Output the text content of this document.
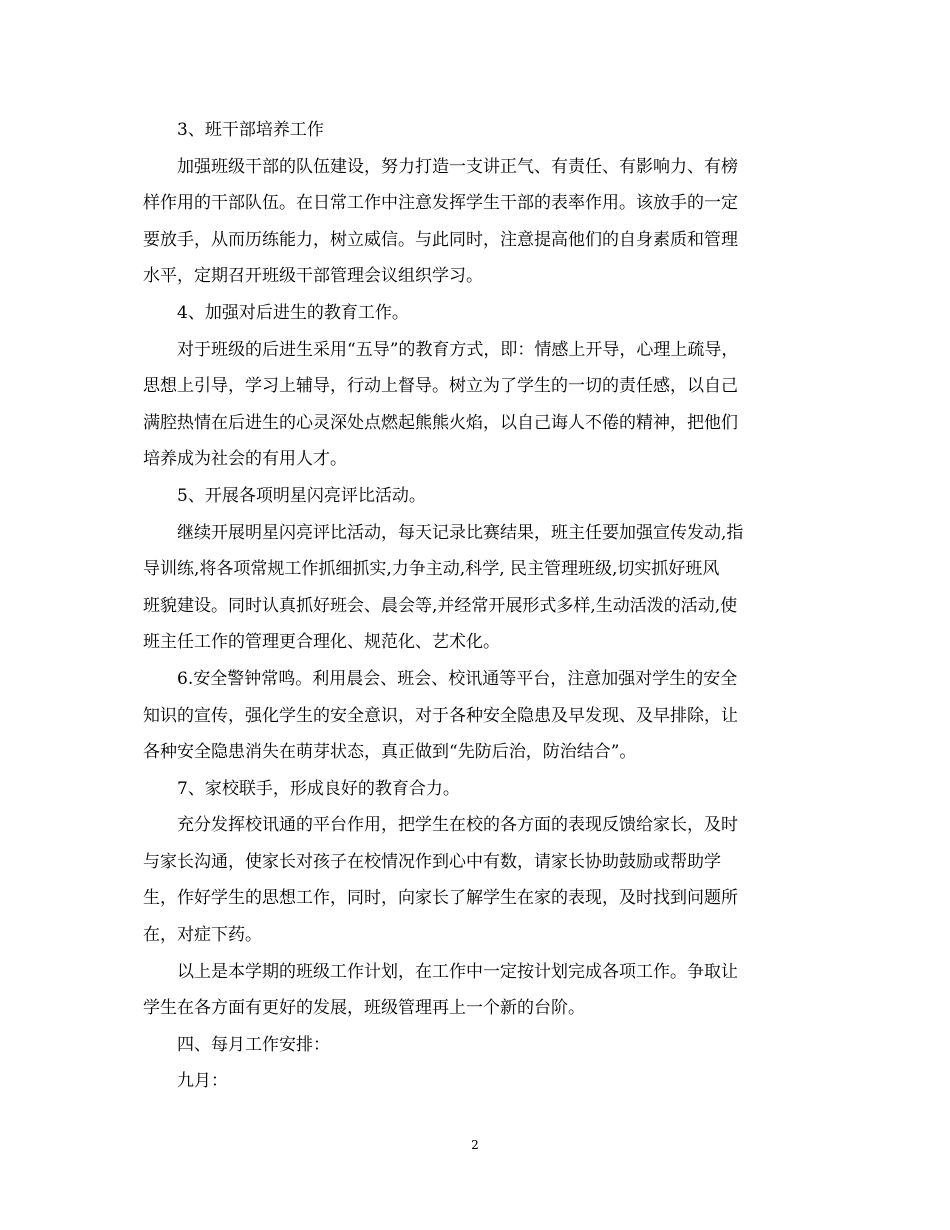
3、班干部培养工作
加强班级干部的队伍建设，努力打造一支讲正气、有责任、有影响力、有榜
样作用的干部队伍。在日常工作中注意发挥学生干部的表率作用。该放手的一定
要放手，从而历练能力，树立威信。与此同时，注意提高他们的自身素质和管理
水平，定期召开班级干部管理会议组织学习。
4、加强对后进生的教育工作。
对于班级的后进生采用“五导”的教育方式，即：情感上开导，心理上疏导，
思想上引导，学习上辅导，行动上督导。树立为了学生的一切的责任感，以自己
满腔热情在后进生的心灵深处点燃起熊熊火焰，以自己诲人不倦的精神，把他们
培养成为社会的有用人才。
5、开展各项明星闪亮评比活动。
继续开展明星闪亮评比活动，每天记录比赛结果，班主任要加强宣传发动,指
导训练,将各项常规工作抓细抓实,力争主动,科学, 民主管理班级,切实抓好班风
班貌建设。同时认真抓好班会、晨会等,并经常开展形式多样,生动活泼的活动,使
班主任工作的管理更合理化、规范化、艺术化。
6.安全警钟常鸣。利用晨会、班会、校讯通等平台，注意加强对学生的安全
知识的宣传，强化学生的安全意识，对于各种安全隐患及早发现、及早排除，让
各种安全隐患消失在萌芽状态，真正做到“先防后治，防治结合”。
7、家校联手，形成良好的教育合力。
充分发挥校讯通的平台作用，把学生在校的各方面的表现反馈给家长，及时
与家长沟通，使家长对孩子在校情况作到心中有数，请家长协助鼓励或帮助学
生，作好学生的思想工作，同时，向家长了解学生在家的表现，及时找到问题所
在，对症下药。
以上是本学期的班级工作计划，在工作中一定按计划完成各项工作。争取让
学生在各方面有更好的发展，班级管理再上一个新的台阶。
四、每月工作安排：
九月：
2
